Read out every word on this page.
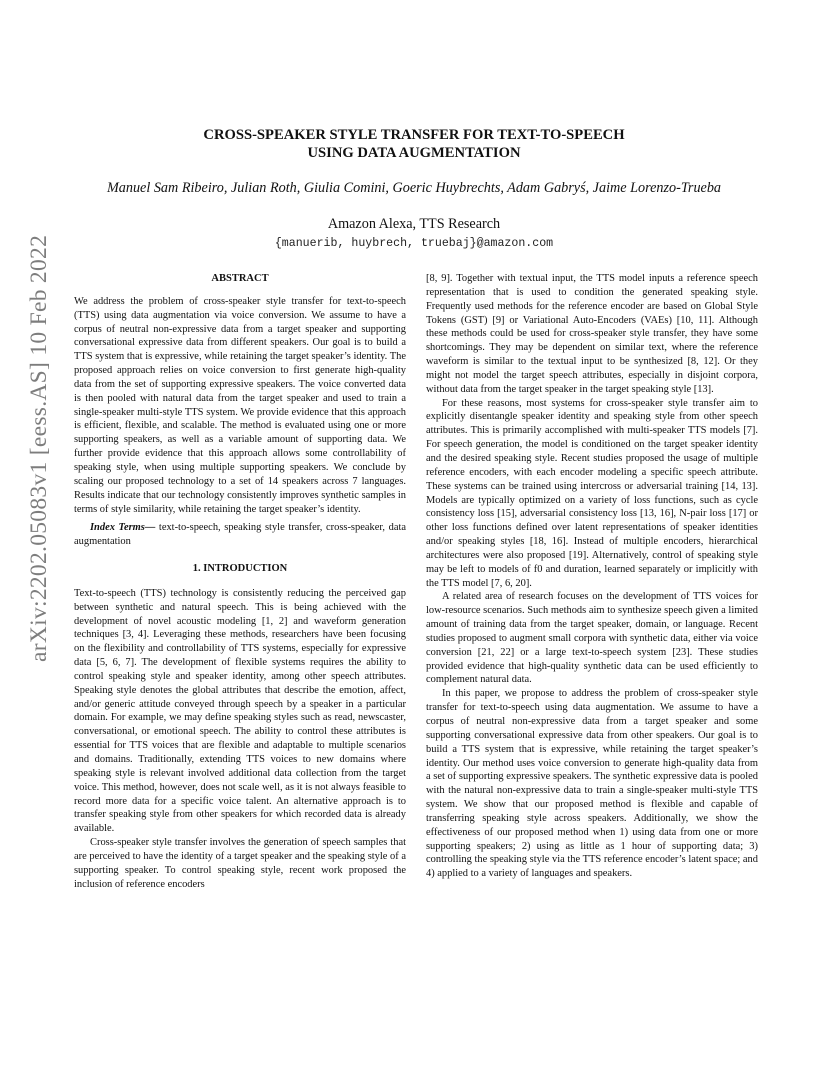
arXiv:2202.05083v1 [eess.AS] 10 Feb 2022
CROSS-SPEAKER STYLE TRANSFER FOR TEXT-TO-SPEECH
USING DATA AUGMENTATION
Manuel Sam Ribeiro, Julian Roth, Giulia Comini, Goeric Huybrechts, Adam Gabryś, Jaime Lorenzo-Trueba
Amazon Alexa, TTS Research
{manuerib, huybrech, truebaj}@amazon.com
ABSTRACT

We address the problem of cross-speaker style transfer for text-to-speech (TTS) using data augmentation via voice conversion. We assume to have a corpus of neutral non-expressive data from a target speaker and supporting conversational expressive data from different speakers. Our goal is to build a TTS system that is expressive, while retaining the target speaker’s identity. The proposed approach relies on voice conversion to first generate high-quality data from the set of supporting expressive speakers. The voice converted data is then pooled with natural data from the target speaker and used to train a single-speaker multi-style TTS system. We provide evidence that this approach is efficient, flexible, and scalable. The method is evaluated using one or more supporting speakers, as well as a variable amount of supporting data. We further provide evidence that this approach allows some controllability of speaking style, when using multiple supporting speakers. We conclude by scaling our proposed technology to a set of 14 speakers across 7 languages. Results indicate that our technology consistently improves synthetic samples in terms of style similarity, while retaining the target speaker’s identity.

Index Terms— text-to-speech, speaking style transfer, cross-speaker, data augmentation

1. INTRODUCTION

Text-to-speech (TTS) technology is consistently reducing the perceived gap between synthetic and natural speech. This is being achieved with the development of novel acoustic modeling [1, 2] and waveform generation techniques [3, 4]. Leveraging these methods, researchers have been focusing on the flexibility and controllability of TTS systems, especially for expressive data [5, 6, 7]. The development of flexible systems requires the ability to control speaking style and speaker identity, among other speech attributes. Speaking style denotes the global attributes that describe the emotion, affect, and/or generic attitude conveyed through speech by a speaker in a particular domain. For example, we may define speaking styles such as read, newscaster, conversational, or emotional speech. The ability to control these attributes is essential for TTS voices that are flexible and adaptable to multiple scenarios and domains. Traditionally, extending TTS voices to new domains where speaking style is relevant involved additional data collection from the target voice. This method, however, does not scale well, as it is not always feasible to record more data for a specific voice talent. An alternative approach is to transfer speaking style from other speakers for which recorded data is already available.

Cross-speaker style transfer involves the generation of speech samples that are perceived to have the identity of a target speaker and the speaking style of a supporting speaker. To control speaking style, recent work proposed the inclusion of reference encoders

[8, 9]. Together with textual input, the TTS model inputs a reference speech representation that is used to condition the generated speaking style. Frequently used methods for the reference encoder are based on Global Style Tokens (GST) [9] or Variational Auto-Encoders (VAEs) [10, 11]. Although these methods could be used for cross-speaker style transfer, they have some shortcomings. They may be dependent on similar text, where the reference waveform is similar to the textual input to be synthesized [8, 12]. Or they might not model the target speech attributes, especially in disjoint corpora, without data from the target speaker in the target speaking style [13].

For these reasons, most systems for cross-speaker style transfer aim to explicitly disentangle speaker identity and speaking style from other speech attributes. This is primarily accomplished with multi-speaker TTS models [7]. For speech generation, the model is conditioned on the target speaker identity and the desired speaking style. Recent studies proposed the usage of multiple reference encoders, with each encoder modeling a specific speech attribute. These systems can be trained using intercross or adversarial training [14, 13]. Models are typically optimized on a variety of loss functions, such as cycle consistency loss [15], adversarial consistency loss [13, 16], N-pair loss [17] or other loss functions defined over latent representations of speaker identities and/or speaking styles [18, 16]. Instead of multiple encoders, hierarchical architectures were also proposed [19]. Alternatively, control of speaking style may be left to models of f0 and duration, learned separately or implicitly with the TTS model [7, 6, 20].

A related area of research focuses on the development of TTS voices for low-resource scenarios. Such methods aim to synthesize speech given a limited amount of training data from the target speaker, domain, or language. Recent studies proposed to augment small corpora with synthetic data, either via voice conversion [21, 22] or a large text-to-speech system [23]. These studies provided evidence that high-quality synthetic data can be used efficiently to complement natural data.

In this paper, we propose to address the problem of cross-speaker style transfer for text-to-speech using data augmentation. We assume to have a corpus of neutral non-expressive data from a target speaker and some supporting conversational expressive data from other speakers. Our goal is to build a TTS system that is expressive, while retaining the target speaker’s identity. Our method uses voice conversion to generate high-quality data from a set of supporting expressive speakers. The synthetic expressive data is pooled with the natural non-expressive data to train a single-speaker multi-style TTS system. We show that our proposed method is flexible and capable of transferring speaking style across speakers. Additionally, we show the effectiveness of our proposed method when 1) using data from one or more supporting speakers; 2) using as little as 1 hour of supporting data; 3) controlling the speaking style via the TTS reference encoder’s latent space; and 4) applied to a variety of languages and speakers.
